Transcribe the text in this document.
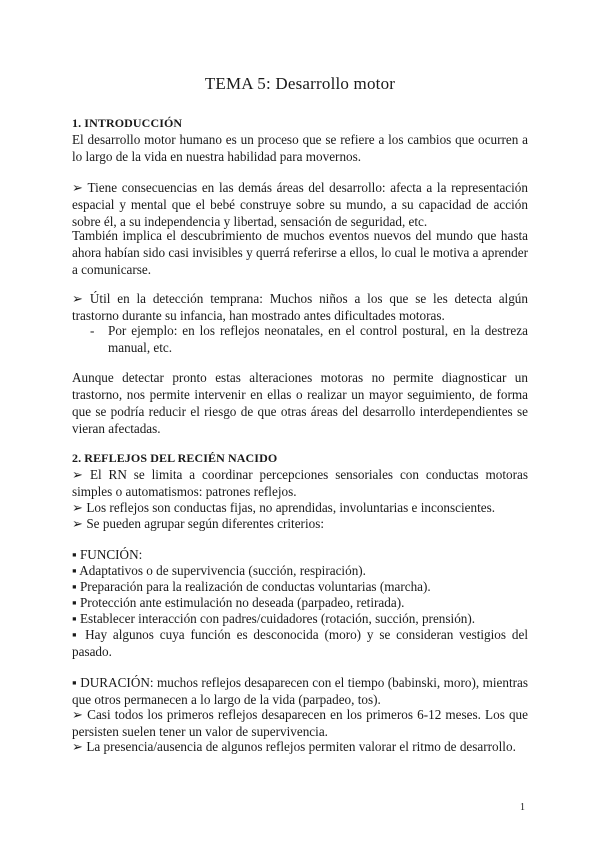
TEMA 5: Desarrollo motor

1. INTRODUCCIÓN

El desarrollo motor humano es un proceso que se refiere a los cambios que ocurren a lo largo de la vida en nuestra habilidad para movernos.

➢ Tiene consecuencias en las demás áreas del desarrollo: afecta a la representación espacial y mental que el bebé construye sobre su mundo, a su capacidad de acción sobre él, a su independencia y libertad, sensación de seguridad, etc.

También implica el descubrimiento de muchos eventos nuevos del mundo que hasta ahora habían sido casi invisibles y querrá referirse a ellos, lo cual le motiva a aprender a comunicarse.

➢ Útil en la detección temprana: Muchos niños a los que se les detecta algún trastorno durante su infancia, han mostrado antes dificultades motoras.

- Por ejemplo: en los reflejos neonatales, en el control postural, en la destreza manual, etc.

Aunque detectar pronto estas alteraciones motoras no permite diagnosticar un trastorno, nos permite intervenir en ellas o realizar un mayor seguimiento, de forma que se podría reducir el riesgo de que otras áreas del desarrollo interdependientes se vieran afectadas.

2. REFLEJOS DEL RECIÉN NACIDO

➢ El RN se limita a coordinar percepciones sensoriales con conductas motoras simples o automatismos: patrones reflejos.

➢ Los reflejos son conductas fijas, no aprendidas, involuntarias e inconscientes.

➢ Se pueden agrupar según diferentes criterios:

▪ FUNCIÓN:

▪ Adaptativos o de supervivencia (succión, respiración).

▪ Preparación para la realización de conductas voluntarias (marcha).

▪ Protección ante estimulación no deseada (parpadeo, retirada).

▪ Establecer interacción con padres/cuidadores (rotación, succión, prensión).

▪ Hay algunos cuya función es desconocida (moro) y se consideran vestigios del pasado.

▪ DURACIÓN: muchos reflejos desaparecen con el tiempo (babinski, moro), mientras que otros permanecen a lo largo de la vida (parpadeo, tos).

➢ Casi todos los primeros reflejos desaparecen en los primeros 6-12 meses. Los que persisten suelen tener un valor de supervivencia.

➢ La presencia/ausencia de algunos reflejos permiten valorar el ritmo de desarrollo.

1
